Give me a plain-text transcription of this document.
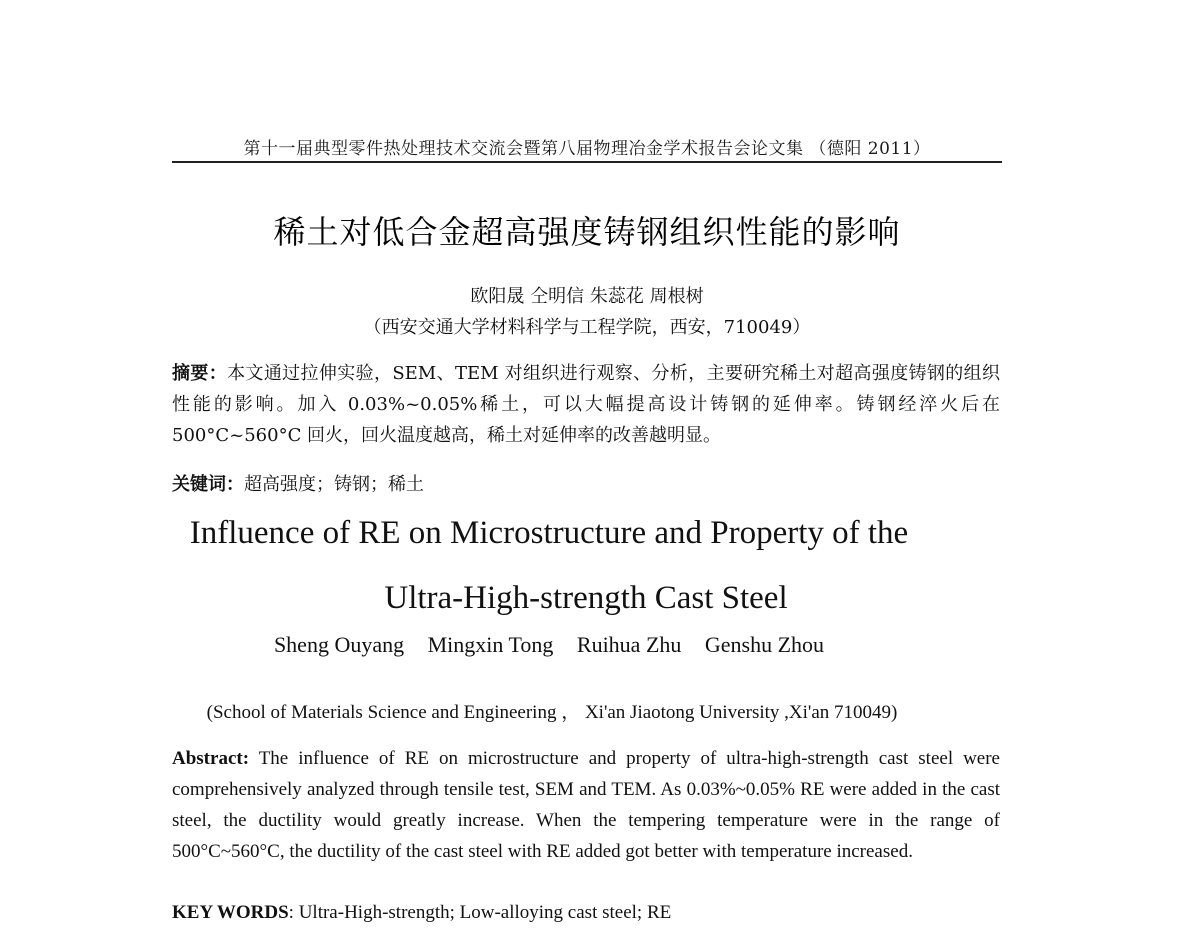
第十一届典型零件热处理技术交流会暨第八届物理冶金学术报告会论文集 （德阳 2011）
稀土对低合金超高强度铸钢组织性能的影响
欧阳晟 仝明信 朱蕊花 周根树
（西安交通大学材料科学与工程学院，西安，710049）
摘要：本文通过拉伸实验，SEM、TEM 对组织进行观察、分析，主要研究稀土对超高强度铸钢的组织性能的影响。加入 0.03%~0.05%稀土，可以大幅提高设计铸钢的延伸率。铸钢经淬火后在 500°C~560°C 回火，回火温度越高，稀土对延伸率的改善越明显。
关键词：超高强度；铸钢；稀土
Influence of RE on Microstructure and Property of the
Ultra-High-strength Cast Steel
Sheng Ouyang Mingxin Tong Ruihua Zhu Genshu Zhou
(School of Materials Science and Engineering ， Xi'an Jiaotong University ,Xi'an 710049)
Abstract: The influence of RE on microstructure and property of ultra-high-strength cast steel were comprehensively analyzed through tensile test, SEM and TEM. As 0.03%~0.05% RE were added in the cast steel, the ductility would greatly increase. When the tempering temperature were in the range of 500°C~560°C, the ductility of the cast steel with RE added got better with temperature increased.
KEY WORDS: Ultra-High-strength; Low-alloying cast steel; RE
